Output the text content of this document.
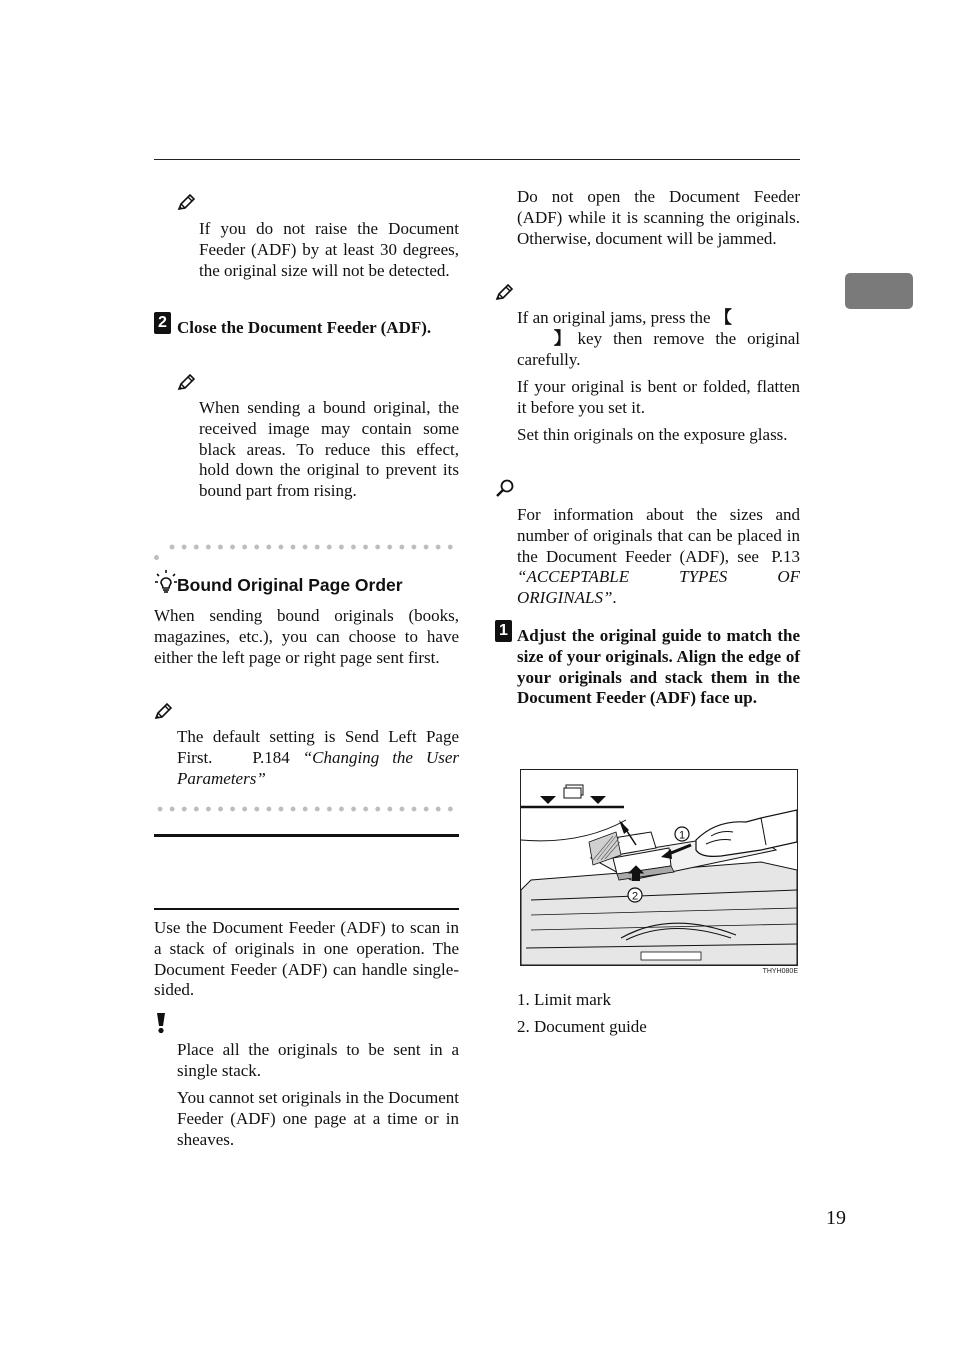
If you do not raise the Document Feeder (ADF) by at least 30 degrees, the original size will not be detected.

2 Close the Document Feeder (ADF).

When sending a bound original, the received image may contain some black areas. To reduce this effect, hold down the original to prevent its bound part from rising.

Bound Original Page Order

When sending bound originals (books, magazines, etc.), you can choose to have either the left page or right page sent first.

The default setting is Send Left Page First. P.184 “Changing the User Parameters”

Use the Document Feeder (ADF) to scan in a stack of originals in one operation. The Document Feeder (ADF) can handle single-sided.

Place all the originals to be sent in a single stack.

You cannot set originals in the Document Feeder (ADF) one page at a time or in sheaves.

Do not open the Document Feeder (ADF) while it is scanning the originals. Otherwise, document will be jammed.

If an original jams, press the 【
】key then remove the original carefully.

If your original is bent or folded, flatten it before you set it.

Set thin originals on the exposure glass.

For information about the sizes and number of originals that can be placed in the Document Feeder (ADF), see P.13 “ACCEPTABLE TYPES OF ORIGINALS”.

1 Adjust the original guide to match the size of your originals. Align the edge of your originals and stack them in the Document Feeder (ADF) face up.

1
2
THYH080E

1. Limit mark

2. Document guide

19
